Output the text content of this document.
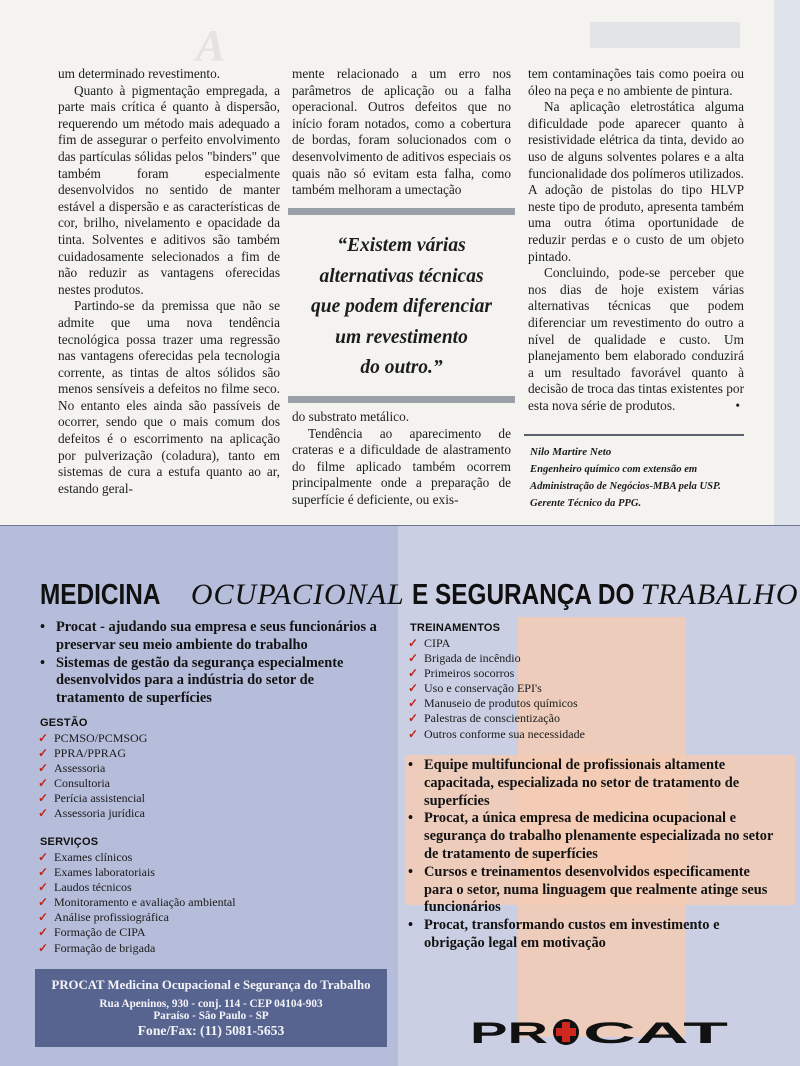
A

um determinado revestimento.

Quanto à pigmentação empregada, a parte mais crítica é quanto à dispersão, requerendo um método mais adequado a fim de assegurar o perfeito envolvimento das partículas sólidas pelos "binders" que também foram especialmente desenvolvidos no sentido de manter estável a dispersão e as características de cor, brilho, nivelamento e opacidade da tinta. Solventes e aditivos são também cuidadosamente selecionados a fim de não reduzir as vantagens oferecidas nestes produtos.

Partindo-se da premissa que não se admite que uma nova tendência tecnológica possa trazer uma regressão nas vantagens oferecidas pela tecnologia corrente, as tintas de altos sólidos são menos sensíveis a defeitos no filme seco. No entanto eles ainda são passíveis de ocorrer, sendo que o mais comum dos defeitos é o escorrimento na aplicação por pulverização (coladura), tanto em sistemas de cura a estufa quanto ao ar, estando geral-

mente relacionado a um erro nos parâmetros de aplicação ou a falha operacional. Outros defeitos que no início foram notados, como a cobertura de bordas, foram solucionados com o desenvolvimento de aditivos especiais os quais não só evitam esta falha, como também melhoram a umectação

“Existem várias
alternativas técnicas
que podem diferenciar
um revestimento
do outro.”

do substrato metálico.

Tendência ao aparecimento de crateras e a dificuldade de alastramento do filme aplicado também ocorrem principalmente onde a preparação de superfície é deficiente, ou exis-

tem contaminações tais como poeira ou óleo na peça e no ambiente de pintura.

Na aplicação eletrostática alguma dificuldade pode aparecer quanto à resistividade elétrica da tinta, devido ao uso de alguns solventes polares e a alta funcionalidade dos polímeros utilizados. A adoção de pistolas do tipo HLVP neste tipo de produto, apresenta também uma outra ótima oportunidade de reduzir perdas e o custo de um objeto pintado.

Concluindo, pode-se perceber que nos dias de hoje existem várias alternativas técnicas que podem diferenciar um revestimento do outro a nível de qualidade e custo. Um planejamento bem elaborado conduzirá a um resultado favorável quanto à decisão de troca das tintas existentes por esta nova série de produtos.	•

Nilo Martire Neto
Engenheiro químico com extensão em
Administração de Negócios-MBA pela USP.
Gerente Técnico da PPG.
MEDICINA OCUPACIONAL E SEGURANÇA DO TRABALHO
• Procat - ajudando sua empresa e seus funcionários a preservar seu meio ambiente do trabalho
• Sistemas de gestão da segurança especialmente desenvolvidos para a indústria do setor de tratamento de superfícies
GESTÃO
✓ PCMSO/PCMSOG
✓ PPRA/PPRAG
✓ Assessoria
✓ Consultoria
✓ Perícia assistencial
✓ Assessoria jurídica
SERVIÇOS
✓ Exames clínicos
✓ Exames laboratoriais
✓ Laudos técnicos
✓ Monitoramento e avaliação ambiental
✓ Análise profissiográfica
✓ Formação de CIPA
✓ Formação de brigada
TREINAMENTOS
✓ CIPA
✓ Brigada de incêndio
✓ Primeiros socorros
✓ Uso e conservação EPI's
✓ Manuseio de produtos químicos
✓ Palestras de conscientização
✓ Outros conforme sua necessidade
• Equipe multifuncional de profissionais altamente capacitada, especializada no setor de tratamento de superfícies
• Procat, a única empresa de medicina ocupacional e segurança do trabalho plenamente especializada no setor de tratamento de superfícies
• Cursos e treinamentos desenvolvidos especificamente para o setor, numa linguagem que realmente atinge seus funcionários
• Procat, transformando custos em investimento e obrigação legal em motivação
PROCAT Medicina Ocupacional e Segurança do Trabalho
Rua Apeninos, 930 - conj. 114 - CEP 04104-903
Paraíso - São Paulo - SP
Fone/Fax: (11) 5081-5653	PR CAT
